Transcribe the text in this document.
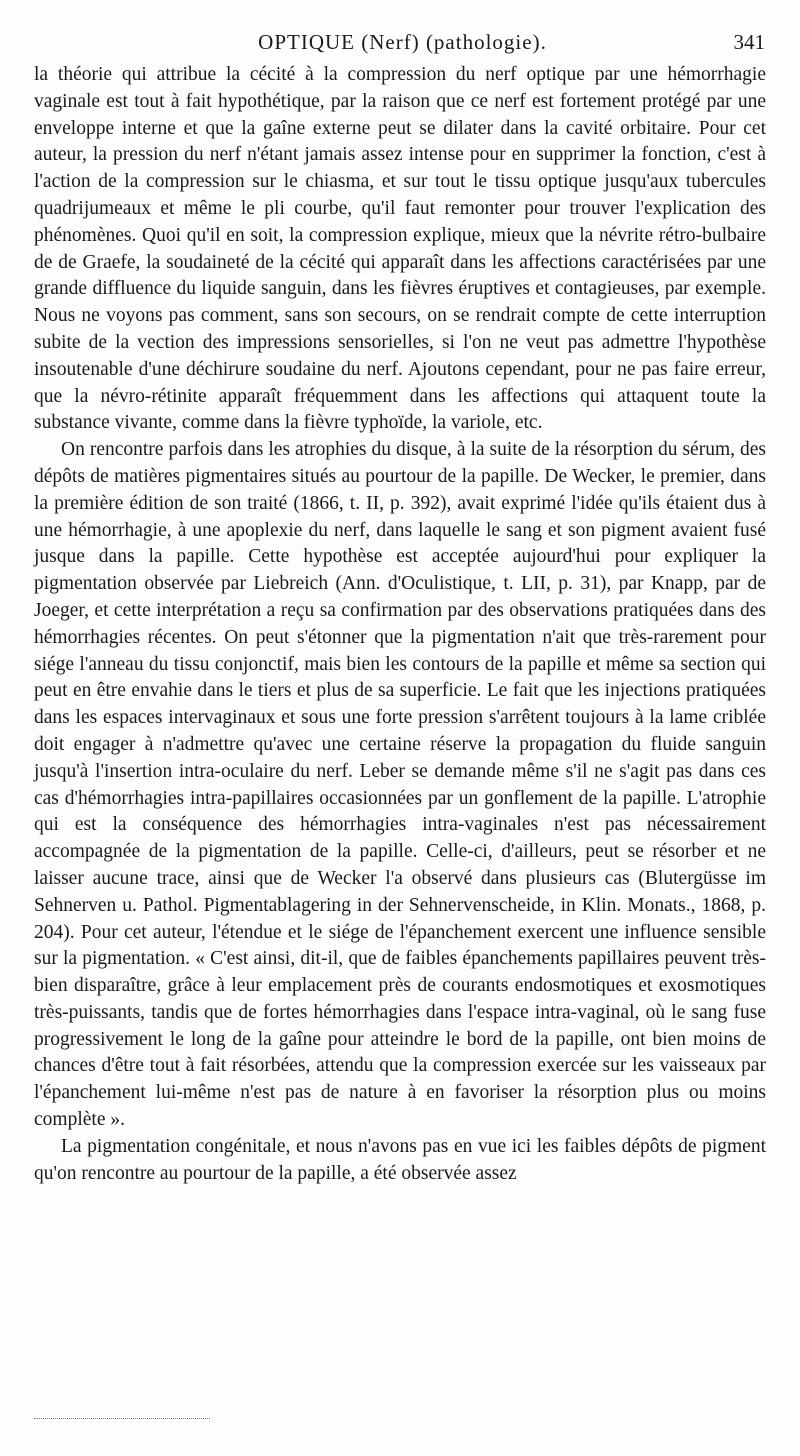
OPTIQUE (Nerf) (pathologie).	341

la théorie qui attribue la cécité à la compression du nerf optique par une hémorrhagie vaginale est tout à fait hypothétique, par la raison que ce nerf est fortement protégé par une enveloppe interne et que la gaîne externe peut se dilater dans la cavité orbitaire. Pour cet auteur, la pression du nerf n'étant jamais assez intense pour en supprimer la fonction, c'est à l'action de la compression sur le chiasma, et sur tout le tissu optique jusqu'aux tubercules quadrijumeaux et même le pli courbe, qu'il faut remonter pour trouver l'explication des phénomènes. Quoi qu'il en soit, la compression explique, mieux que la névrite rétro-bulbaire de de Graefe, la soudaineté de la cécité qui apparaît dans les affections caractérisées par une grande diffluence du liquide sanguin, dans les fièvres éruptives et contagieuses, par exemple. Nous ne voyons pas comment, sans son secours, on se rendrait compte de cette interruption subite de la vection des impressions sensorielles, si l'on ne veut pas admettre l'hypothèse insoutenable d'une déchirure soudaine du nerf. Ajoutons cependant, pour ne pas faire erreur, que la névro-rétinite apparaît fréquemment dans les affections qui attaquent toute la substance vivante, comme dans la fièvre typhoïde, la variole, etc.

On rencontre parfois dans les atrophies du disque, à la suite de la résorption du sérum, des dépôts de matières pigmentaires situés au pourtour de la papille. De Wecker, le premier, dans la première édition de son traité (1866, t. II, p. 392), avait exprimé l'idée qu'ils étaient dus à une hémorrhagie, à une apoplexie du nerf, dans laquelle le sang et son pigment avaient fusé jusque dans la papille. Cette hypothèse est acceptée aujourd'hui pour expliquer la pigmentation observée par Liebreich (Ann. d'Oculistique, t. LII, p. 31), par Knapp, par de Joeger, et cette interprétation a reçu sa confirmation par des observations pratiquées dans des hémorrhagies récentes. On peut s'étonner que la pigmentation n'ait que très-rarement pour siége l'anneau du tissu conjonctif, mais bien les contours de la papille et même sa section qui peut en être envahie dans le tiers et plus de sa superficie. Le fait que les injections pratiquées dans les espaces intervaginaux et sous une forte pression s'arrêtent toujours à la lame criblée doit engager à n'admettre qu'avec une certaine réserve la propagation du fluide sanguin jusqu'à l'insertion intra-oculaire du nerf. Leber se demande même s'il ne s'agit pas dans ces cas d'hémorrhagies intra-papillaires occasionnées par un gonflement de la papille. L'atrophie qui est la conséquence des hémorrhagies intra-vaginales n'est pas nécessairement accompagnée de la pigmentation de la papille. Celle-ci, d'ailleurs, peut se résorber et ne laisser aucune trace, ainsi que de Wecker l'a observé dans plusieurs cas (Blutergüsse im Sehnerven u. Pathol. Pigmentablagering in der Sehnervenscheide, in Klin. Monats., 1868, p. 204). Pour cet auteur, l'étendue et le siége de l'épanchement exercent une influence sensible sur la pigmentation. « C'est ainsi, dit-il, que de faibles épanchements papillaires peuvent très-bien disparaître, grâce à leur emplacement près de courants endosmotiques et exosmotiques très-puissants, tandis que de fortes hémorrhagies dans l'espace intra-vaginal, où le sang fuse progressivement le long de la gaîne pour atteindre le bord de la papille, ont bien moins de chances d'être tout à fait résorbées, attendu que la compression exercée sur les vaisseaux par l'épanchement lui-même n'est pas de nature à en favoriser la résorption plus ou moins complète ».

La pigmentation congénitale, et nous n'avons pas en vue ici les faibles dépôts de pigment qu'on rencontre au pourtour de la papille, a été observée assez
